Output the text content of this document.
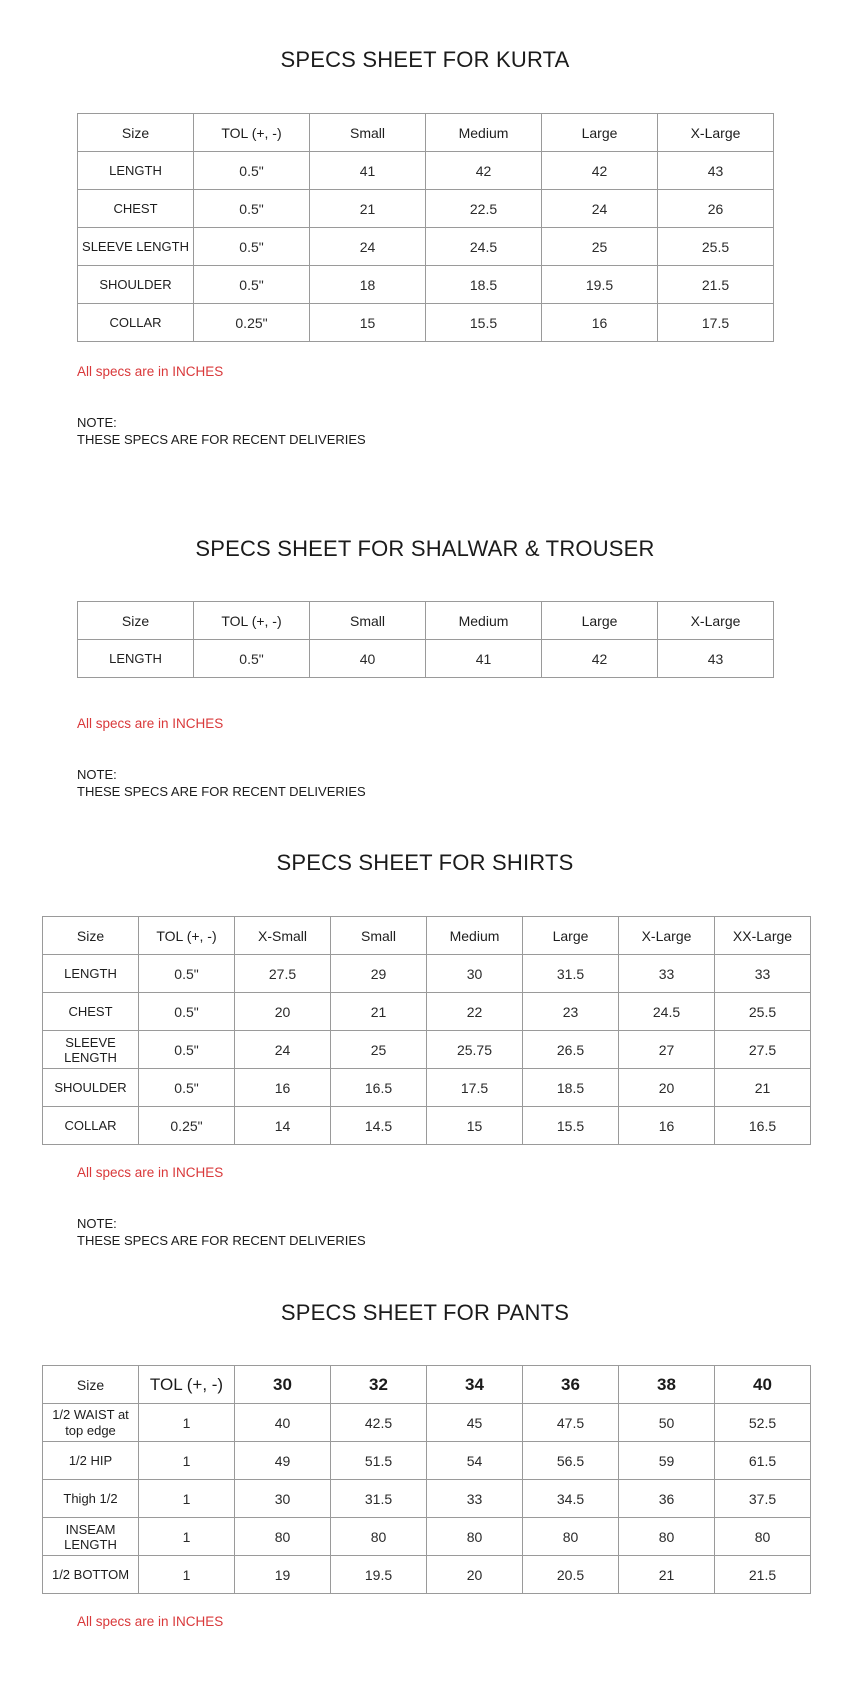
SPECS SHEET FOR KURTA
Size	TOL (+, -)	Small	Medium	Large	X-Large
LENGTH	0.5"	41	42	42	43
CHEST	0.5"	21	22.5	24	26
SLEEVE LENGTH	0.5"	24	24.5	25	25.5
SHOULDER	0.5"	18	18.5	19.5	21.5
COLLAR	0.25"	15	15.5	16	17.5
All specs are in INCHES
NOTE:
THESE SPECS ARE FOR RECENT DELIVERIES
SPECS SHEET FOR SHALWAR & TROUSER
Size	TOL (+, -)	Small	Medium	Large	X-Large
LENGTH	0.5"	40	41	42	43
All specs are in INCHES
NOTE:
THESE SPECS ARE FOR RECENT DELIVERIES
SPECS SHEET FOR SHIRTS
Size	TOL (+, -)	X-Small	Small	Medium	Large	X-Large	XX-Large
LENGTH	0.5"	27.5	29	30	31.5	33	33
CHEST	0.5"	20	21	22	23	24.5	25.5
SLEEVE LENGTH	0.5"	24	25	25.75	26.5	27	27.5
SHOULDER	0.5"	16	16.5	17.5	18.5	20	21
COLLAR	0.25"	14	14.5	15	15.5	16	16.5
All specs are in INCHES
NOTE:
THESE SPECS ARE FOR RECENT DELIVERIES
SPECS SHEET FOR PANTS
Size	TOL (+, -)	30	32	34	36	38	40
1/2 WAIST at top edge	1	40	42.5	45	47.5	50	52.5
1/2 HIP	1	49	51.5	54	56.5	59	61.5
Thigh 1/2	1	30	31.5	33	34.5	36	37.5
INSEAM LENGTH	1	80	80	80	80	80	80
1/2 BOTTOM	1	19	19.5	20	20.5	21	21.5
All specs are in INCHES
